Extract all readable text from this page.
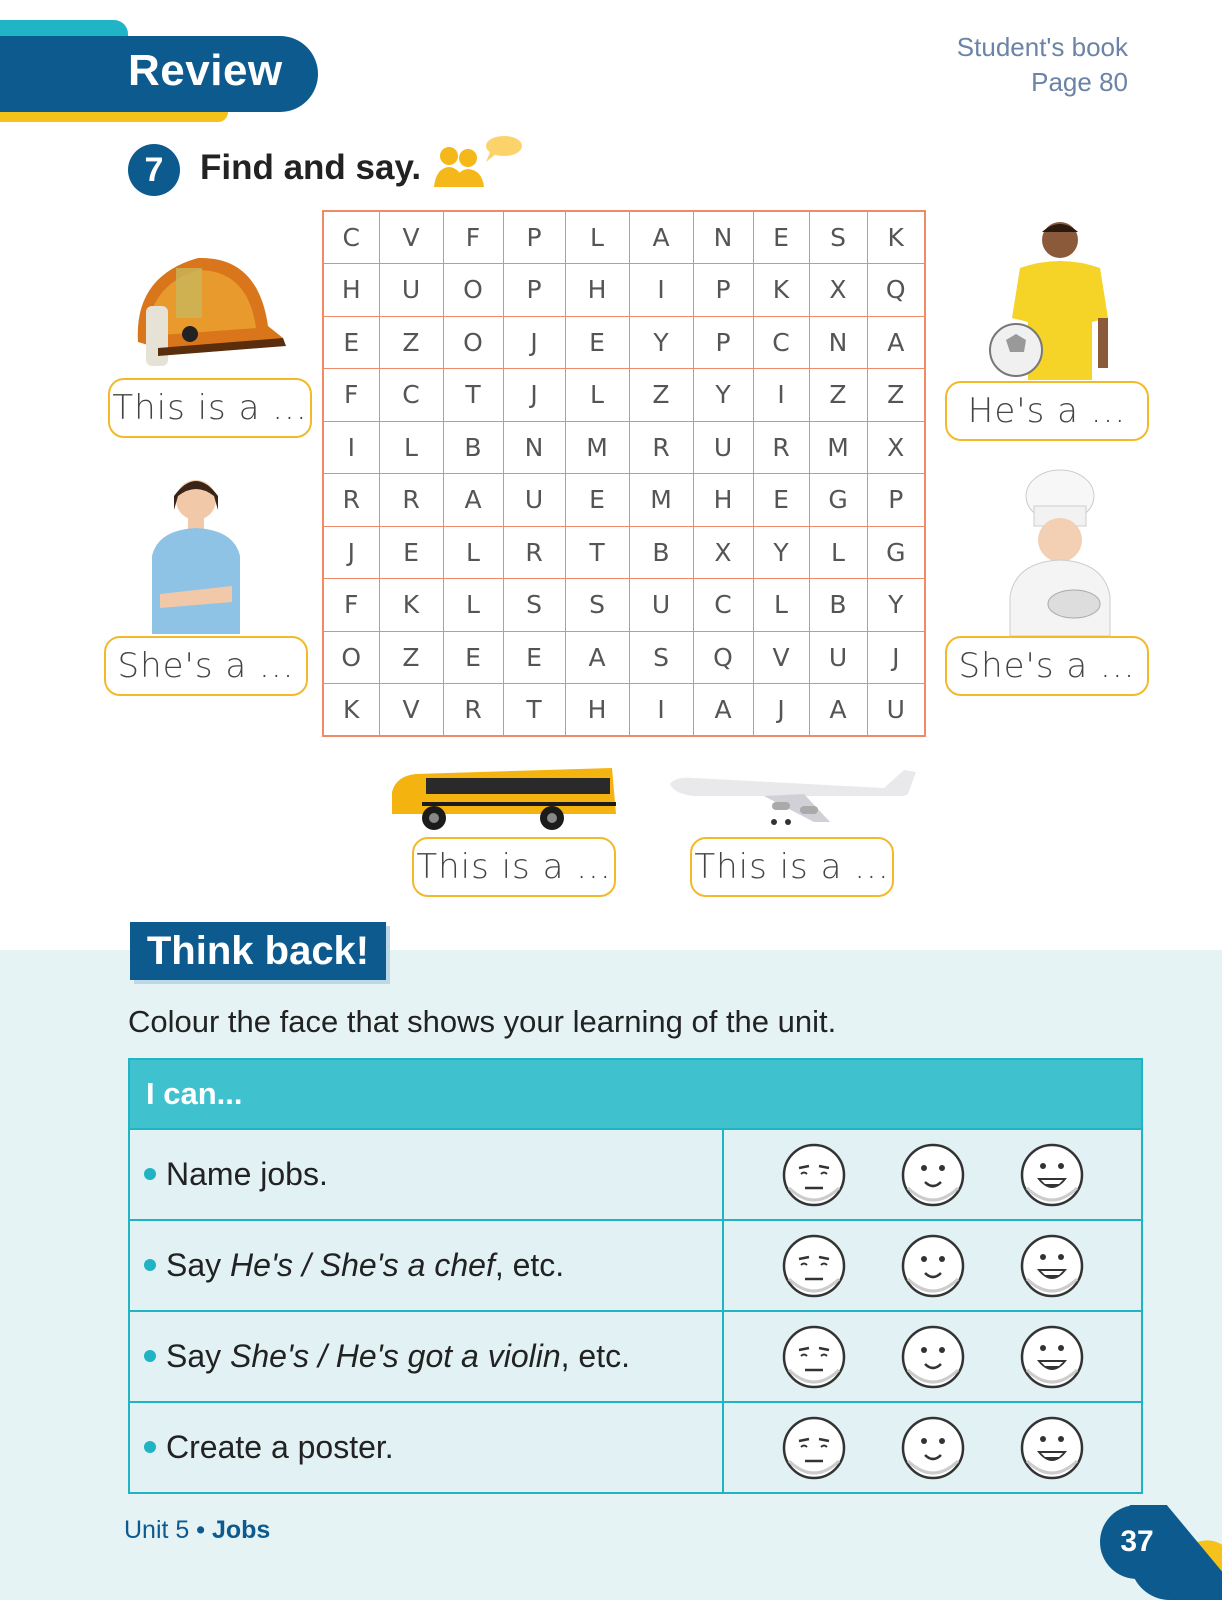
Review	Student's book
Page 80
7	Find and say.
C	V	F	P	L	A	N	E	S	K
H	U	O	P	H	I	P	K	X	Q
E	Z	O	J	E	Y	P	C	N	A
F	C	T	J	L	Z	Y	I	Z	Z
I	L	B	N	M	R	U	R	M	X
R	R	A	U	E	M	H	E	G	P
J	E	L	R	T	B	X	Y	L	G
F	K	L	S	S	U	C	L	B	Y
O	Z	E	E	A	S	Q	V	U	J
K	V	R	T	H	I	A	J	A	U
This is a ...	He's a ...
She's a ...	She's a ...
This is a ... This is a ...
Think back!
Colour the face that shows your learning of the unit.
I can...	
Name jobs.	

Say He's / She's a chef, etc.	

Say She's / He's got a violin, etc.	

Create a poster.	
Unit 5 • Jobs	37
